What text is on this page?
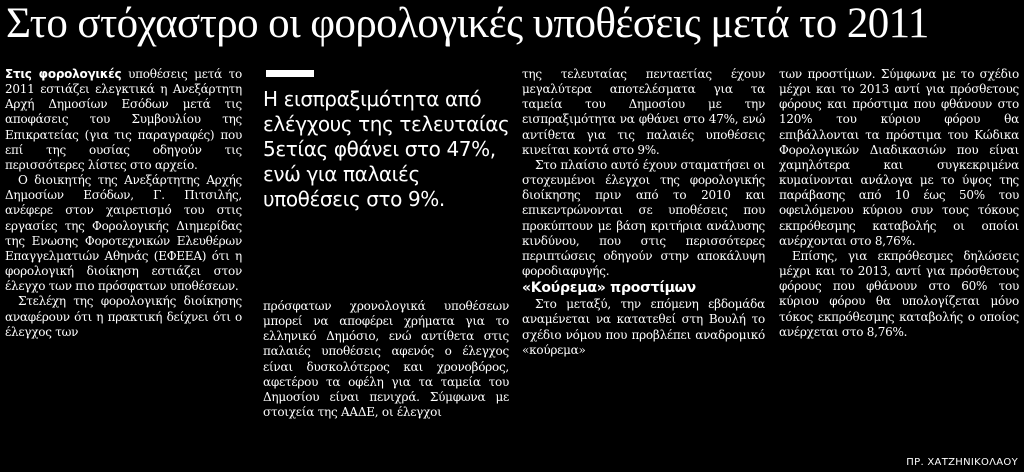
Στο στόχαστρο οι φορολογικές υποθέσεις μετά το 2011

Στις φορολογικές υποθέσεις μετά το 2011 εστιάζει ελεγκτικά η Ανεξάρτητη Αρχή Δημοσίων Εσόδων μετά τις αποφάσεις του Συμβουλίου της Επικρατείας (για τις παραγραφές) που επί της ουσίας οδηγούν τις περισσότερες λίστες στο αρχείο.

Ο διοικητής της Ανεξάρτητης Αρχής Δημοσίων Εσόδων, Γ. Πιτσιλής, ανέφερε στον χαιρετισμό του στις εργασίες της Φορολογικής Διημερίδας της Ενωσης Φοροτεχνικών Ελευθέρων Επαγγελματιών Αθηνάς (ΕΦΕΕΑ) ότι η φορολογική διοίκηση εστιάζει στον έλεγχο των πιο πρόσφατων υποθέσεων.

Στελέχη της φορολογικής διοίκησης αναφέρουν ότι η πρακτική δείχνει ότι ο έλεγχος των

Η εισπραξιμότητα από ελέγχους της τελευταίας 5ετίας φθάνει στο 47%, ενώ για παλαιές υποθέσεις στο 9%.

πρόσφατων χρονολογικά υποθέσεων μπορεί να αποφέρει χρήματα για το ελληνικό Δημόσιο, ενώ αντίθετα στις παλαιές υποθέσεις αφενός ο έλεγχος είναι δυσκολότερος και χρονοβόρος, αφετέρου τα οφέλη για τα ταμεία του Δημοσίου είναι πενιχρά. Σύμφωνα με στοιχεία της ΑΑΔΕ, οι έλεγχοι

της τελευταίας πενταετίας έχουν μεγαλύτερα αποτελέσματα για τα ταμεία του Δημοσίου με την εισπραξιμότητα να φθάνει στο 47%, ενώ αντίθετα για τις παλαιές υποθέσεις κινείται κοντά στο 9%.

Στο πλαίσιο αυτό έχουν σταματήσει οι στοχευμένοι έλεγχοι της φορολογικής διοίκησης πριν από το 2010 και επικεντρώνονται σε υποθέσεις που προκύπτουν με βάση κριτήρια ανάλυσης κινδύνου, που στις περισσότερες περιπτώσεις οδηγούν στην αποκάλυψη φοροδιαφυγής.

«Κούρεμα» προστίμων

Στο μεταξύ, την επόμενη εβδομάδα αναμένεται να κατατεθεί στη Βουλή το σχέδιο νόμου που προβλέπει αναδρομικό «κούρεμα»

των προστίμων. Σύμφωνα με το σχέδιο μέχρι και το 2013 αντί για πρόσθετους φόρους και πρόστιμα που φθάνουν στο 120% του κύριου φόρου θα επιβάλλονται τα πρόστιμα του Κώδικα Φορολογικών Διαδικασιών που είναι χαμηλότερα και συγκεκριμένα κυμαίνονται ανάλογα με το ύψος της παράβασης από 10 έως 50% του οφειλόμενου κύριου συν τους τόκους εκπρόθεσμης καταβολής οι οποίοι ανέρχονται στο 8,76%.

Επίσης, για εκπρόθεσμες δηλώσεις μέχρι και το 2013, αντί για πρόσθετους φόρους που φθάνουν στο 60% του κύριου φόρου θα υπολογίζεται μόνο τόκος εκπρόθεσμης καταβολής ο οποίος ανέρχεται στο 8,76%.

ΠΡ. ΧΑΤΖΗΝΙΚΟΛΑΟΥ
